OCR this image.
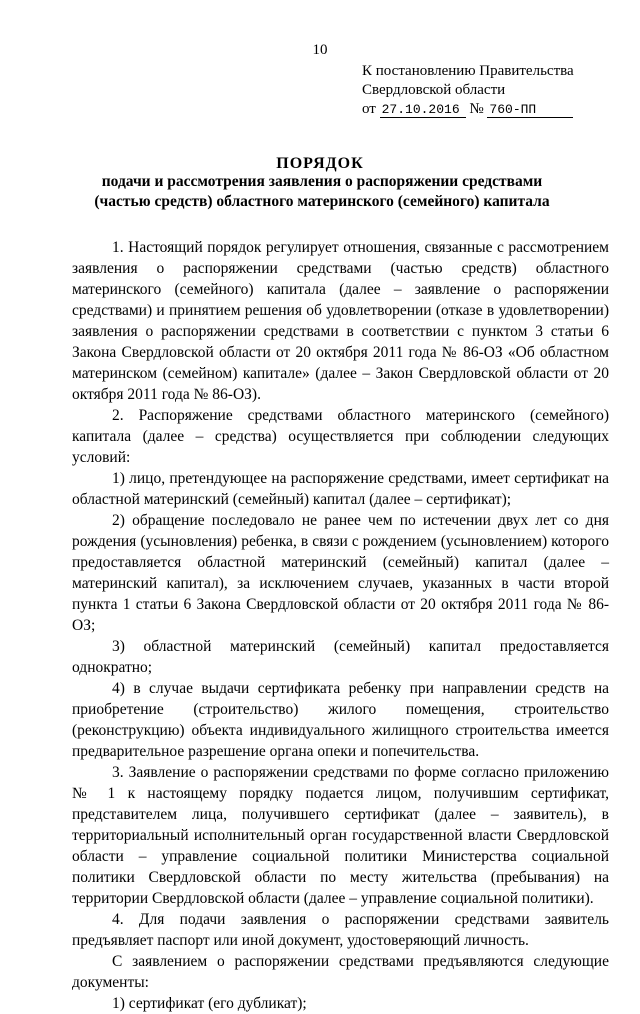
10
К постановлению Правительства
Свердловской области
от 27.10.2016 № 760-ПП
ПОРЯДОК
подачи и рассмотрения заявления о распоряжении средствами (частью средств) областного материнского (семейного) капитала

1. Настоящий порядок регулирует отношения, связанные с рассмотрением заявления о распоряжении средствами (частью средств) областного материнского (семейного) капитала (далее – заявление о распоряжении средствами) и принятием решения об удовлетворении (отказе в удовлетворении) заявления о распоряжении средствами в соответствии с пунктом 3 статьи 6 Закона Свердловской области от 20 октября 2011 года № 86-ОЗ «Об областном материнском (семейном) капитале» (далее – Закон Свердловской области от 20 октября 2011 года № 86-ОЗ).

2. Распоряжение средствами областного материнского (семейного) капитала (далее – средства) осуществляется при соблюдении следующих условий:

1) лицо, претендующее на распоряжение средствами, имеет сертификат на областной материнский (семейный) капитал (далее – сертификат);

2) обращение последовало не ранее чем по истечении двух лет со дня рождения (усыновления) ребенка, в связи с рождением (усыновлением) которого предоставляется областной материнский (семейный) капитал (далее – материнский капитал), за исключением случаев, указанных в части второй пункта 1 статьи 6 Закона Свердловской области от 20 октября 2011 года № 86-ОЗ;

3) областной материнский (семейный) капитал предоставляется однократно;

4) в случае выдачи сертификата ребенку при направлении средств на приобретение (строительство) жилого помещения, строительство (реконструкцию) объекта индивидуального жилищного строительства имеется предварительное разрешение органа опеки и попечительства.

3. Заявление о распоряжении средствами по форме согласно приложению № 1 к настоящему порядку подается лицом, получившим сертификат, представителем лица, получившего сертификат (далее – заявитель), в территориальный исполнительный орган государственной власти Свердловской области – управление социальной политики Министерства социальной политики Свердловской области по месту жительства (пребывания) на территории Свердловской области (далее – управление социальной политики).

4. Для подачи заявления о распоряжении средствами заявитель предъявляет паспорт или иной документ, удостоверяющий личность.

С заявлением о распоряжении средствами предъявляются следующие документы:

1) сертификат (его дубликат);
